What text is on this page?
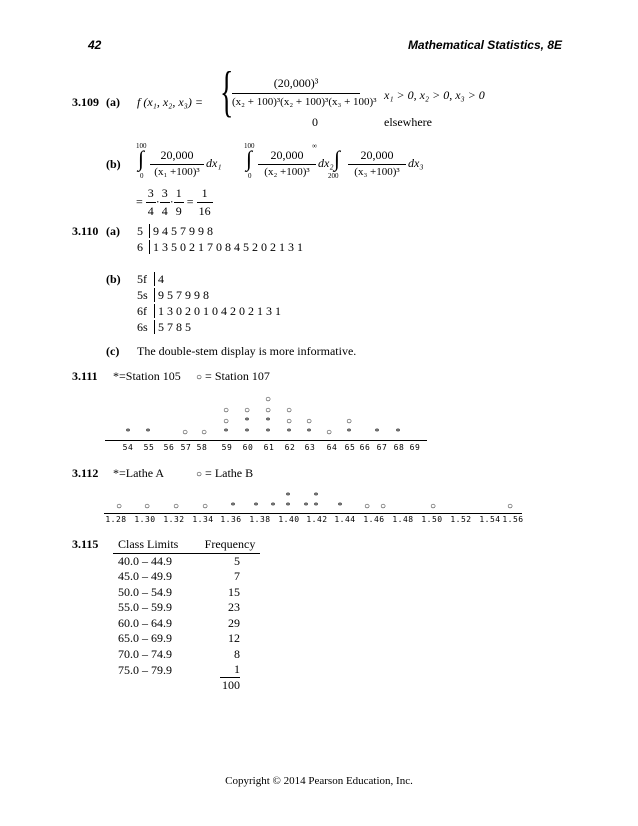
42	Mathematical Statistics, 8E
3.109 (a) f (x₁, x₂, x₃) = {	(20,000)³
(x₂ + 100)³(x₂ + 100)³(x₃ + 100)³ x₁ > 0, x₂ > 0, x₃ > 0
0	elsewhere
(b)
100
∫
0
20,000
(x₁ +100)³
dx₁
100
∫
0
20,000
(x₂ +100)³
dx₂
∞ ∫
200
20,000
(x₃ +100)³
dx₃
= $\frac{3}{4} \cdot \frac{3}{4} \cdot \frac{1}{9} = \frac{1}{16}$
3.110 (a) 5 9 4 5 7 9 9 8
6 1 3 5 0 2 1 7 0 8 4 5 2 0 2 1 3 1
(b) 5f 4
5s 9 5 7 9 9 8
6f 1 3 0 2 0 1 0 4 2 0 2 1 3 1
6s 5 7 8 5
(c) The double-stem display is more informative.
3.111 *=Station 105 ○ = Station 107
54	55	56 57 58	59	60	61	62	63	64 65 66 67 68 69
*	*	○	○	*	*	*	*	*	○	*	*	*
○	*	*	○	○	○
○	○	○	○
○
3.112 *=Lathe A	○ = Lathe B
1.28 1.30 1.32 1.34 1.36 1.38 1.40 1.42 1.44 1.46 1.48 1.50 1.52 1.54 1.56
○	○	○	○	*	*	*	*	* *	*	○ ○	○	○
*	*
3.115 Class Limits	Frequency
40.0 – 44.9	5
45.0 – 49.9	7
50.0 – 54.9	15
55.0 – 59.9	23
60.0 – 64.9	29
65.0 – 69.9	12
70.0 – 74.9	8
75.0 – 79.9	1
	100
Copyright © 2014 Pearson Education, Inc.
